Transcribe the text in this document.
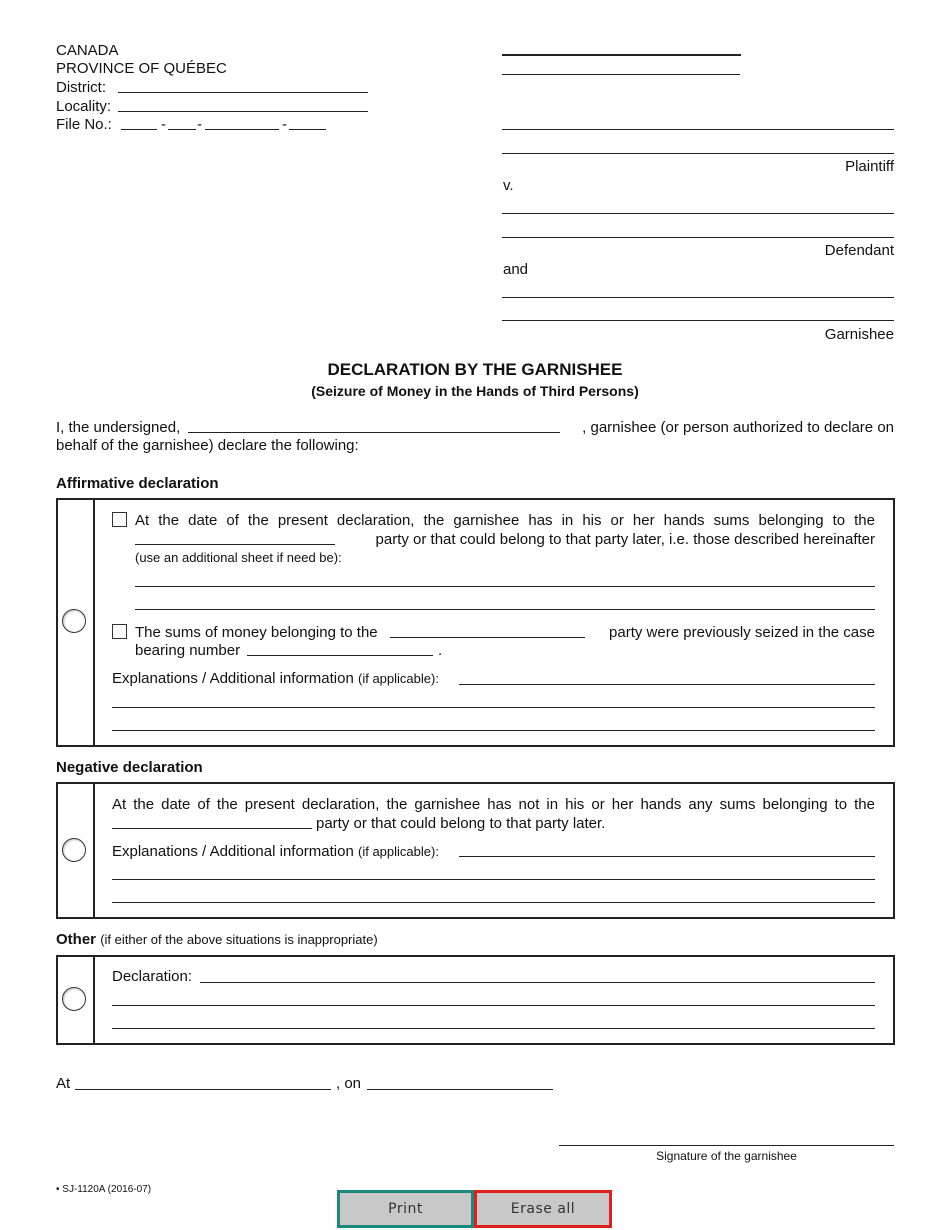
CANADA
PROVINCE OF QUÉBEC
District:
Locality:
File No.:	- -	-
Plaintiff
v.
Defendant
and
Garnishee
DECLARATION BY THE GARNISHEE
(Seizure of Money in the Hands of Third Persons)
I, the undersigned,	, garnishee (or person authorized to declare on
behalf of the garnishee) declare the following:
Affirmative declaration
At the date of the present declaration, the garnishee has in his or her hands sums belonging to the
party or that could belong to that party later, i.e. those described hereinafter
(use an additional sheet if need be):
The sums of money belonging to the	party were previously seized in the case
bearing number	.
Explanations / Additional information (if applicable):
Negative declaration
At the date of the present declaration, the garnishee has not in his or her hands any sums belonging to the
party or that could belong to that party later.
Explanations / Additional information (if applicable):
Other (if either of the above situations is inappropriate)
Declaration:
At	, on
Signature of the garnishee
• SJ-1120A (2016-07)
Print	Erase all
